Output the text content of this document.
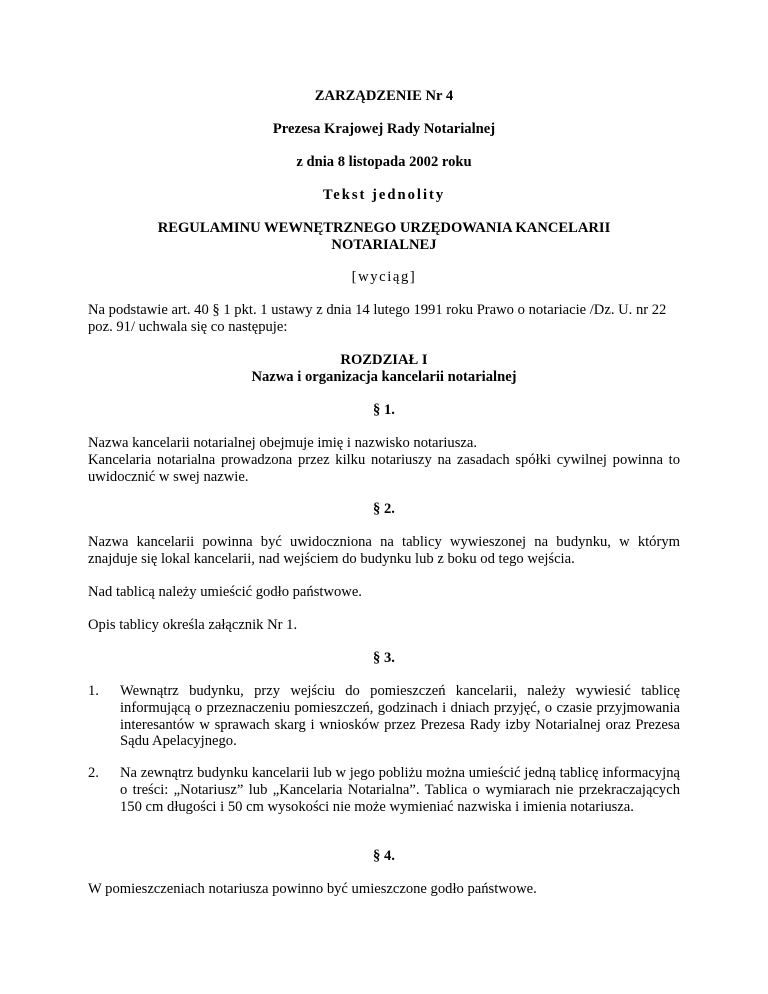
ZARZĄDZENIE Nr 4

Prezesa Krajowej Rady Notarialnej

z dnia 8 listopada 2002 roku

Tekst jednolity

REGULAMINU WEWNĘTRZNEGO URZĘDOWANIA KANCELARII

NOTARIALNEJ

[wyciąg]

Na podstawie art. 40 § 1 pkt. 1 ustawy z dnia 14 lutego 1991 roku Prawo o notariacie /Dz. U. nr 22 poz. 91/ uchwala się co następuje:

ROZDZIAŁ I

Nazwa i organizacja kancelarii notarialnej

§ 1.

Nazwa kancelarii notarialnej obejmuje imię i nazwisko notariusza.

Kancelaria notarialna prowadzona przez kilku notariuszy na zasadach spółki cywilnej powinna to uwidocznić w swej nazwie.

§ 2.

Nazwa kancelarii powinna być uwidoczniona na tablicy wywieszonej na budynku, w którym znajduje się lokal kancelarii, nad wejściem do budynku lub z boku od tego wejścia.

Nad tablicą należy umieścić godło państwowe.

Opis tablicy określa załącznik Nr 1.

§ 3.

1. Wewnątrz budynku, przy wejściu do pomieszczeń kancelarii, należy wywiesić tablicę informującą o przeznaczeniu pomieszczeń, godzinach i dniach przyjęć, o czasie przyjmowania interesantów w sprawach skarg i wniosków przez Prezesa Rady izby Notarialnej oraz Prezesa Sądu Apelacyjnego.

2. Na zewnątrz budynku kancelarii lub w jego pobliżu można umieścić jedną tablicę informacyjną o treści: „Notariusz” lub „Kancelaria Notarialna”. Tablica o wymiarach nie przekraczających 150 cm długości i 50 cm wysokości nie może wymieniać nazwiska i imienia notariusza.

§ 4.

W pomieszczeniach notariusza powinno być umieszczone godło państwowe.
